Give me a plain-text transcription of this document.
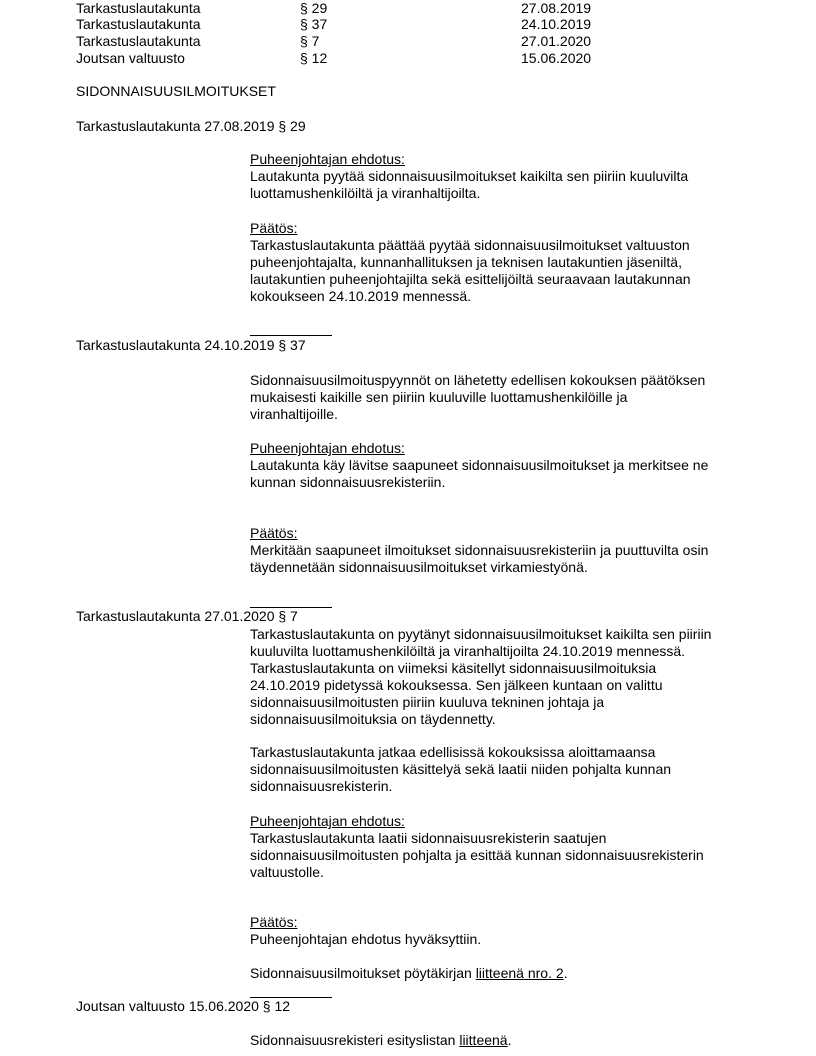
Tarkastuslautakunta	§ 29	27.08.2019
Tarkastuslautakunta	§ 37	24.10.2019
Tarkastuslautakunta	§ 7	27.01.2020
Joutsan valtuusto	§ 12	15.06.2020
SIDONNAISUUSILMOITUKSET
Tarkastuslautakunta 27.08.2019 § 29
Puheenjohtajan ehdotus:
Lautakunta pyytää sidonnaisuusilmoitukset kaikilta sen piiriin kuuluvilta
luottamushenkilöiltä ja viranhaltijoilta.
Päätös:
Tarkastuslautakunta päättää pyytää sidonnaisuusilmoitukset valtuuston
puheenjohtajalta, kunnanhallituksen ja teknisen lautakuntien jäseniltä,
lautakuntien puheenjohtajilta sekä esittelijöiltä seuraavaan lautakunnan
kokoukseen 24.10.2019 mennessä.
Tarkastuslautakunta 24.10.2019 § 37
Sidonnaisuusilmoituspyynnöt on lähetetty edellisen kokouksen päätöksen
mukaisesti kaikille sen piiriin kuuluville luottamushenkilöille ja
viranhaltijoille.
Puheenjohtajan ehdotus:
Lautakunta käy lävitse saapuneet sidonnaisuusilmoitukset ja merkitsee ne
kunnan sidonnaisuusrekisteriin.
Päätös:
Merkitään saapuneet ilmoitukset sidonnaisuusrekisteriin ja puuttuvilta osin
täydennetään sidonnaisuusilmoitukset virkamiestyönä.
Tarkastuslautakunta 27.01.2020 § 7
Tarkastuslautakunta on pyytänyt sidonnaisuusilmoitukset kaikilta sen piiriin
kuuluvilta luottamushenkilöiltä ja viranhaltijoilta 24.10.2019 mennessä.
Tarkastuslautakunta on viimeksi käsitellyt sidonnaisuusilmoituksia
24.10.2019 pidetyssä kokouksessa. Sen jälkeen kuntaan on valittu
sidonnaisuusilmoitusten piiriin kuuluva tekninen johtaja ja
sidonnaisuusilmoituksia on täydennetty.
Tarkastuslautakunta jatkaa edellisissä kokouksissa aloittamaansa
sidonnaisuusilmoitusten käsittelyä sekä laatii niiden pohjalta kunnan
sidonnaisuusrekisterin.
Puheenjohtajan ehdotus:
Tarkastuslautakunta laatii sidonnaisuusrekisterin saatujen
sidonnaisuusilmoitusten pohjalta ja esittää kunnan sidonnaisuusrekisterin
valtuustolle.
Päätös:
Puheenjohtajan ehdotus hyväksyttiin.
Sidonnaisuusilmoitukset pöytäkirjan liitteenä nro. 2.
Joutsan valtuusto 15.06.2020 § 12
Sidonnaisuusrekisteri esityslistan liitteenä.
